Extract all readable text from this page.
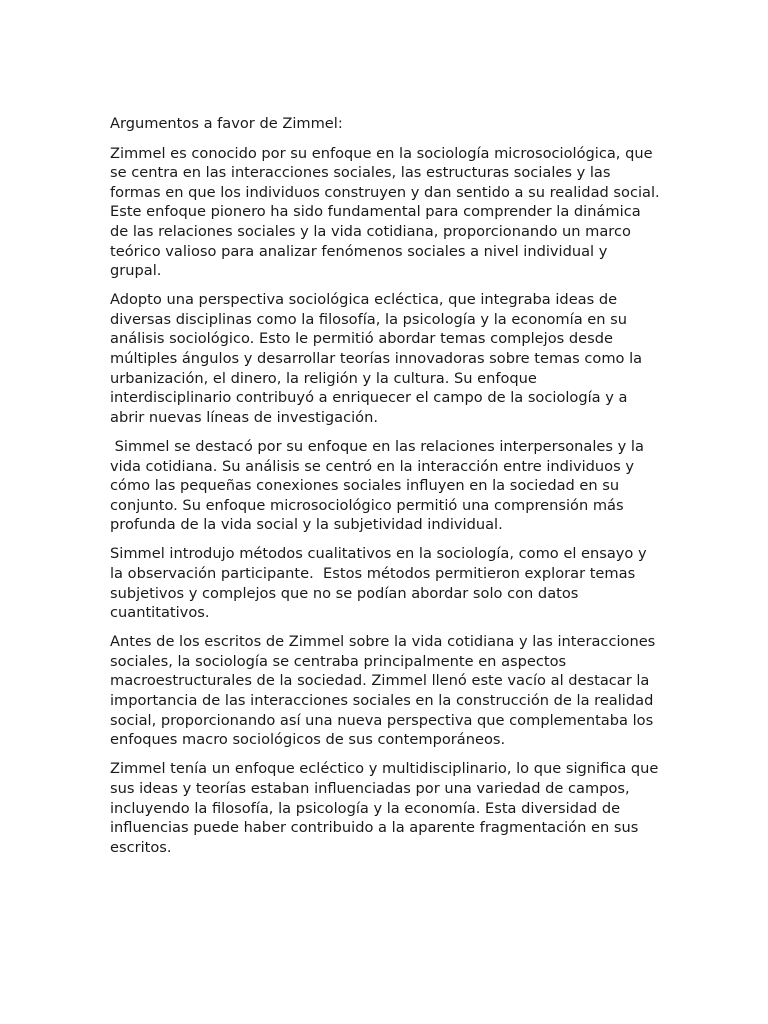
Argumentos a favor de Zimmel:

Zimmel es conocido por su enfoque en la sociología microsociológica, que se centra en las interacciones sociales, las estructuras sociales y las formas en que los individuos construyen y dan sentido a su realidad social. Este enfoque pionero ha sido fundamental para comprender la dinámica de las relaciones sociales y la vida cotidiana, proporcionando un marco teórico valioso para analizar fenómenos sociales a nivel individual y grupal.

Adopto una perspectiva sociológica ecléctica, que integraba ideas de diversas disciplinas como la filosofía, la psicología y la economía en su análisis sociológico. Esto le permitió abordar temas complejos desde múltiples ángulos y desarrollar teorías innovadoras sobre temas como la urbanización, el dinero, la religión y la cultura. Su enfoque interdisciplinario contribuyó a enriquecer el campo de la sociología y a abrir nuevas líneas de investigación.

Simmel se destacó por su enfoque en las relaciones interpersonales y la vida cotidiana. Su análisis se centró en la interacción entre individuos y cómo las pequeñas conexiones sociales influyen en la sociedad en su conjunto. Su enfoque microsociológico permitió una comprensión más profunda de la vida social y la subjetividad individual.

Simmel introdujo métodos cualitativos en la sociología, como el ensayo y la observación participante.  Estos métodos permitieron explorar temas subjetivos y complejos que no se podían abordar solo con datos cuantitativos.

Antes de los escritos de Zimmel sobre la vida cotidiana y las interacciones sociales, la sociología se centraba principalmente en aspectos macroestructurales de la sociedad. Zimmel llenó este vacío al destacar la importancia de las interacciones sociales en la construcción de la realidad social, proporcionando así una nueva perspectiva que complementaba los enfoques macro sociológicos de sus contemporáneos.

Zimmel tenía un enfoque ecléctico y multidisciplinario, lo que significa que sus ideas y teorías estaban influenciadas por una variedad de campos, incluyendo la filosofía, la psicología y la economía. Esta diversidad de influencias puede haber contribuido a la aparente fragmentación en sus escritos.
